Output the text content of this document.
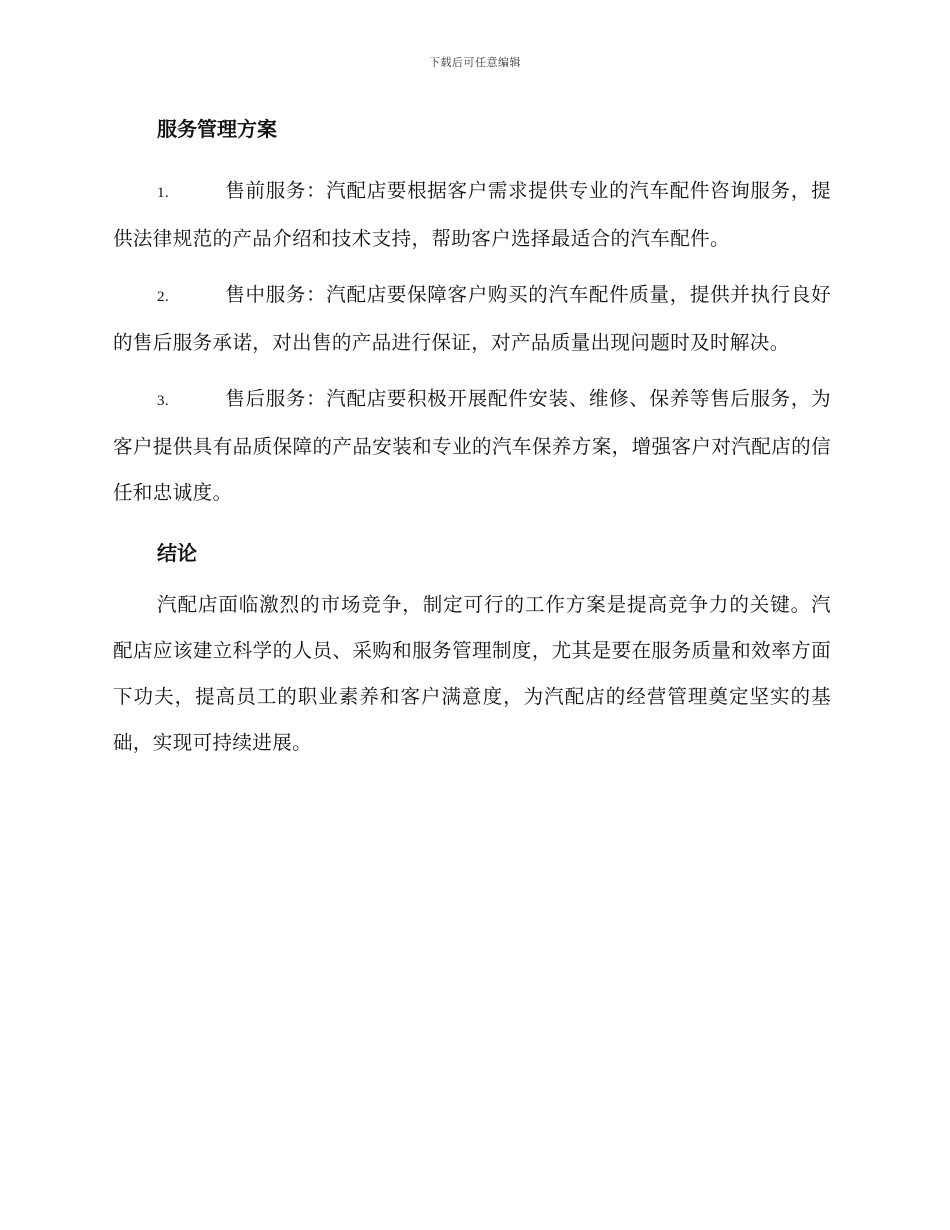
下载后可任意编辑
服务管理方案

1.	售前服务：汽配店要根据客户需求提供专业的汽车配件咨询服务，提供法律规范的产品介绍和技术支持，帮助客户选择最适合的汽车配件。

2.	售中服务：汽配店要保障客户购买的汽车配件质量，提供并执行良好的售后服务承诺，对出售的产品进行保证，对产品质量出现问题时及时解决。

3.	售后服务：汽配店要积极开展配件安装、维修、保养等售后服务，为客户提供具有品质保障的产品安装和专业的汽车保养方案，增强客户对汽配店的信任和忠诚度。

结论

汽配店面临激烈的市场竞争，制定可行的工作方案是提高竞争力的关键。汽配店应该建立科学的人员、采购和服务管理制度，尤其是要在服务质量和效率方面下功夫，提高员工的职业素养和客户满意度，为汽配店的经营管理奠定坚实的基础，实现可持续进展。
